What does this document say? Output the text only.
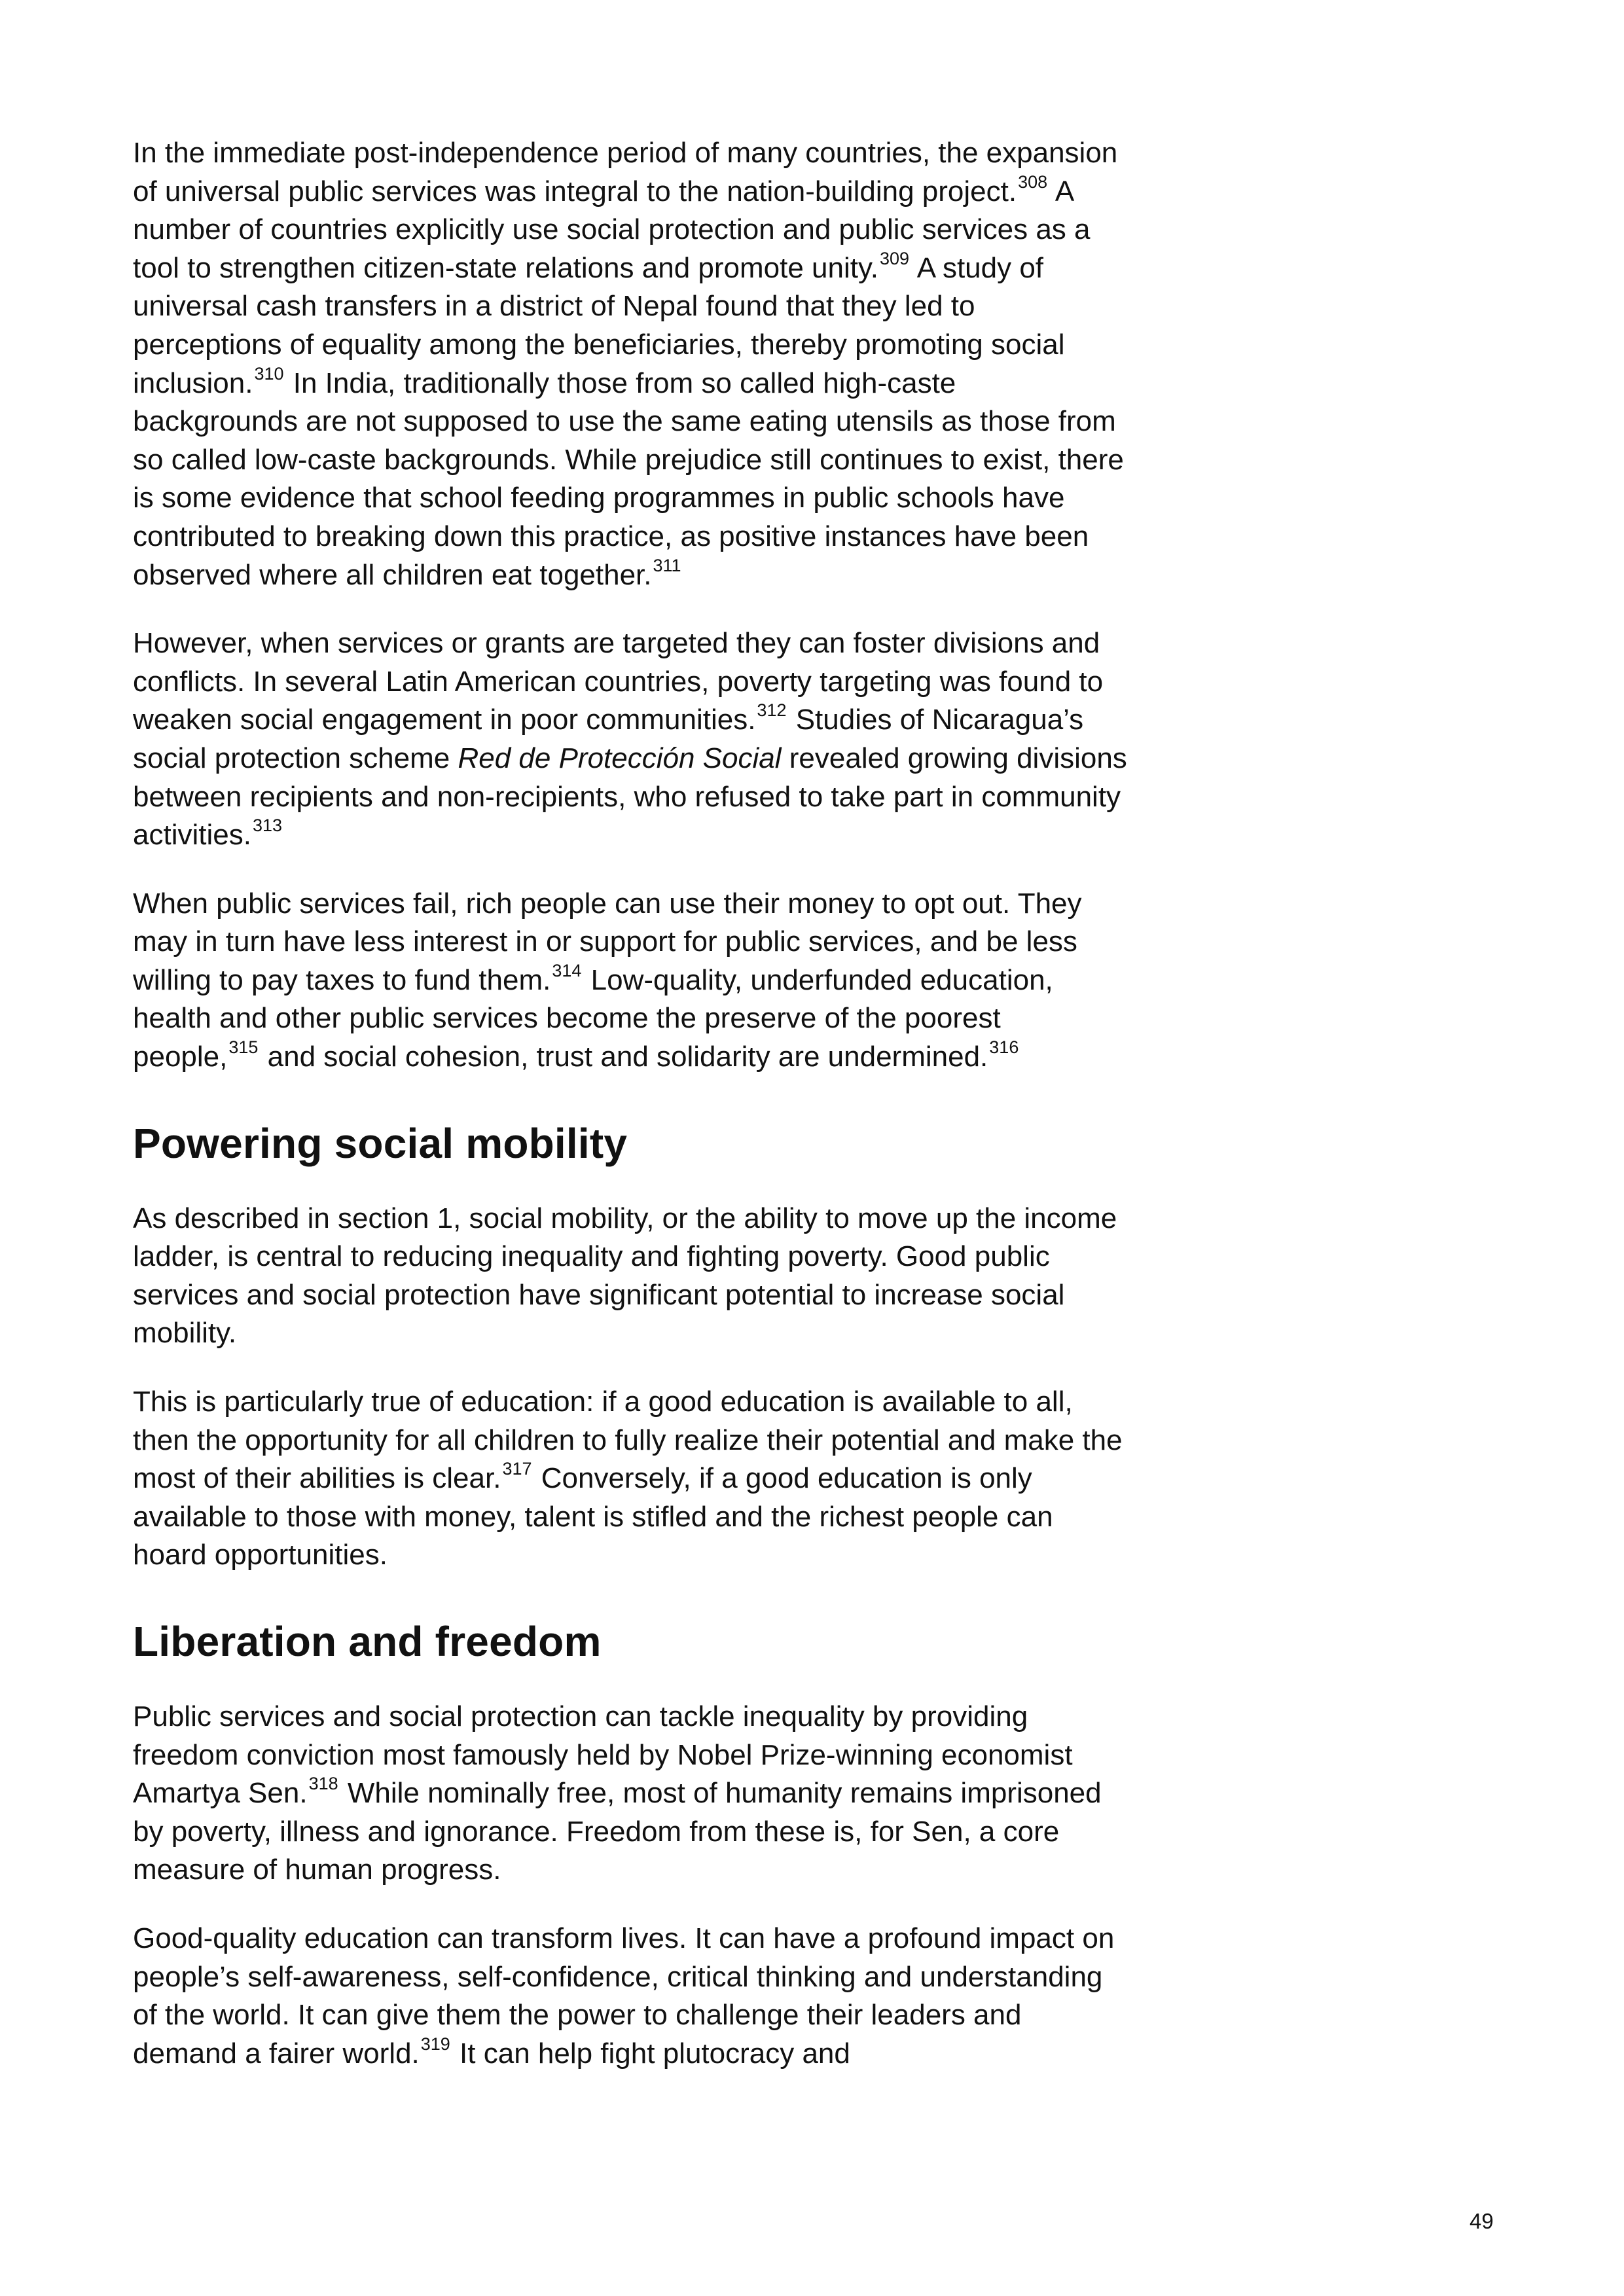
In the immediate post-independence period of many countries, the expansion of universal public services was integral to the nation-building project.$^{308}$ A number of countries explicitly use social protection and public services as a tool to strengthen citizen-state relations and promote unity.$^{309}$ A study of universal cash transfers in a district of Nepal found that they led to perceptions of equality among the beneficiaries, thereby promoting social inclusion.$^{310}$ In India, traditionally those from so called high-caste backgrounds are not supposed to use the same eating utensils as those from so called low-caste backgrounds. While prejudice still continues to exist, there is some evidence that school feeding programmes in public schools have contributed to breaking down this practice, as positive instances have been observed where all children eat together.$^{311}$

However, when services or grants are targeted they can foster divisions and conflicts. In several Latin American countries, poverty targeting was found to weaken social engagement in poor communities.$^{312}$ Studies of Nicaragua’s social protection scheme Red de Protección Social revealed growing divisions between recipients and non-recipients, who refused to take part in community activities.$^{313}$

When public services fail, rich people can use their money to opt out. They may in turn have less interest in or support for public services, and be less willing to pay taxes to fund them.$^{314}$ Low-quality, underfunded education, health and other public services become the preserve of the poorest people,$^{315}$ and social cohesion, trust and solidarity are undermined.$^{316}$

Powering social mobility

As described in section 1, social mobility, or the ability to move up the income ladder, is central to reducing inequality and fighting poverty. Good public services and social protection have significant potential to increase social mobility.

This is particularly true of education: if a good education is available to all, then the opportunity for all children to fully realize their potential and make the most of their abilities is clear.$^{317}$ Conversely, if a good education is only available to those with money, talent is stifled and the richest people can hoard opportunities.

Liberation and freedom

Public services and social protection can tackle inequality by providing freedom conviction most famously held by Nobel Prize-winning economist Amartya Sen.$^{318}$ While nominally free, most of humanity remains imprisoned by poverty, illness and ignorance. Freedom from these is, for Sen, a core measure of human progress.

Good-quality education can transform lives. It can have a profound impact on people’s self-awareness, self-confidence, critical thinking and understanding of the world. It can give them the power to challenge their leaders and demand a fairer world.$^{319}$ It can help fight plutocracy and

49
